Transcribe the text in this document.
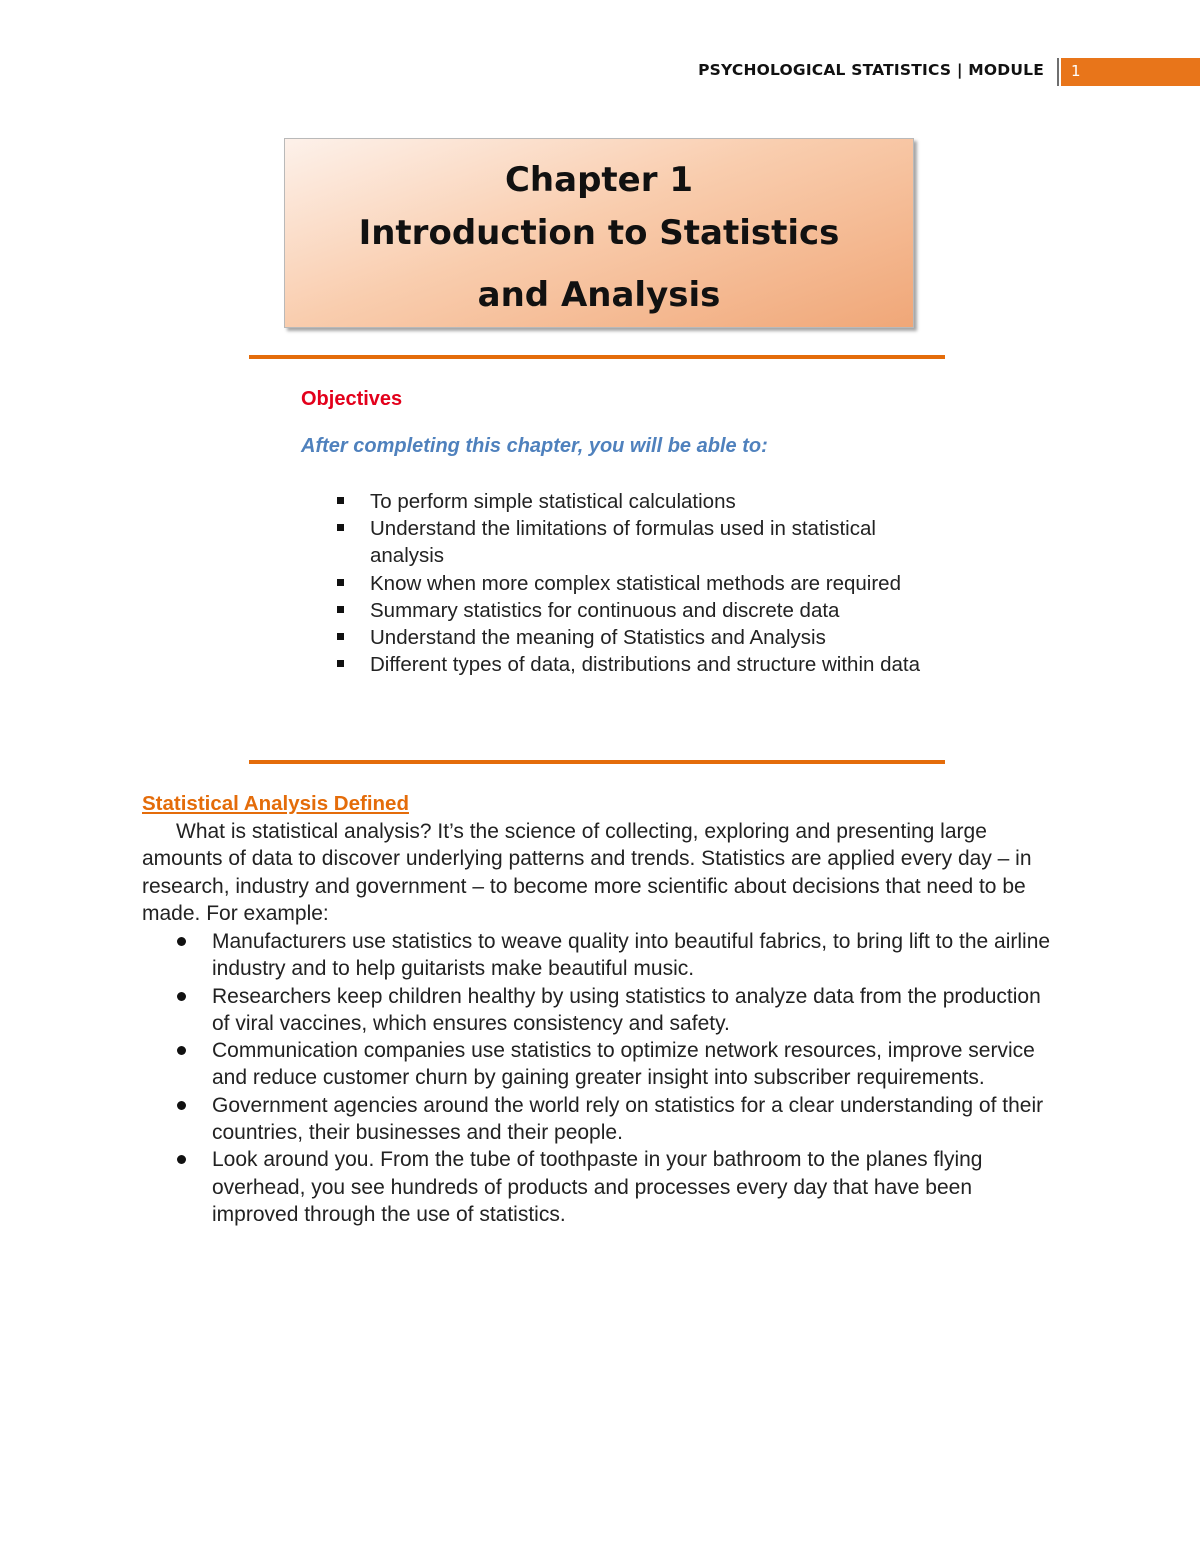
PSYCHOLOGICAL STATISTICS | MODULE 1
Chapter 1
Introduction to Statistics
and Analysis
Objectives
After completing this chapter, you will be able to:
To perform simple statistical calculations
Understand the limitations of formulas used in statistical analysis
Know when more complex statistical methods are required
Summary statistics for continuous and discrete data
Understand the meaning of Statistics and Analysis
Different types of data, distributions and structure within data
Statistical Analysis Defined

What is statistical analysis? It’s the science of collecting, exploring and presenting large amounts of data to discover underlying patterns and trends. Statistics are applied every day – in research, industry and government – to become more scientific about decisions that need to be made. For example:

Manufacturers use statistics to weave quality into beautiful fabrics, to bring lift to the airline industry and to help guitarists make beautiful music.
Researchers keep children healthy by using statistics to analyze data from the production of viral vaccines, which ensures consistency and safety.
Communication companies use statistics to optimize network resources, improve service and reduce customer churn by gaining greater insight into subscriber requirements.
Government agencies around the world rely on statistics for a clear understanding of their countries, their businesses and their people.
Look around you. From the tube of toothpaste in your bathroom to the planes flying overhead, you see hundreds of products and processes every day that have been improved through the use of statistics.
